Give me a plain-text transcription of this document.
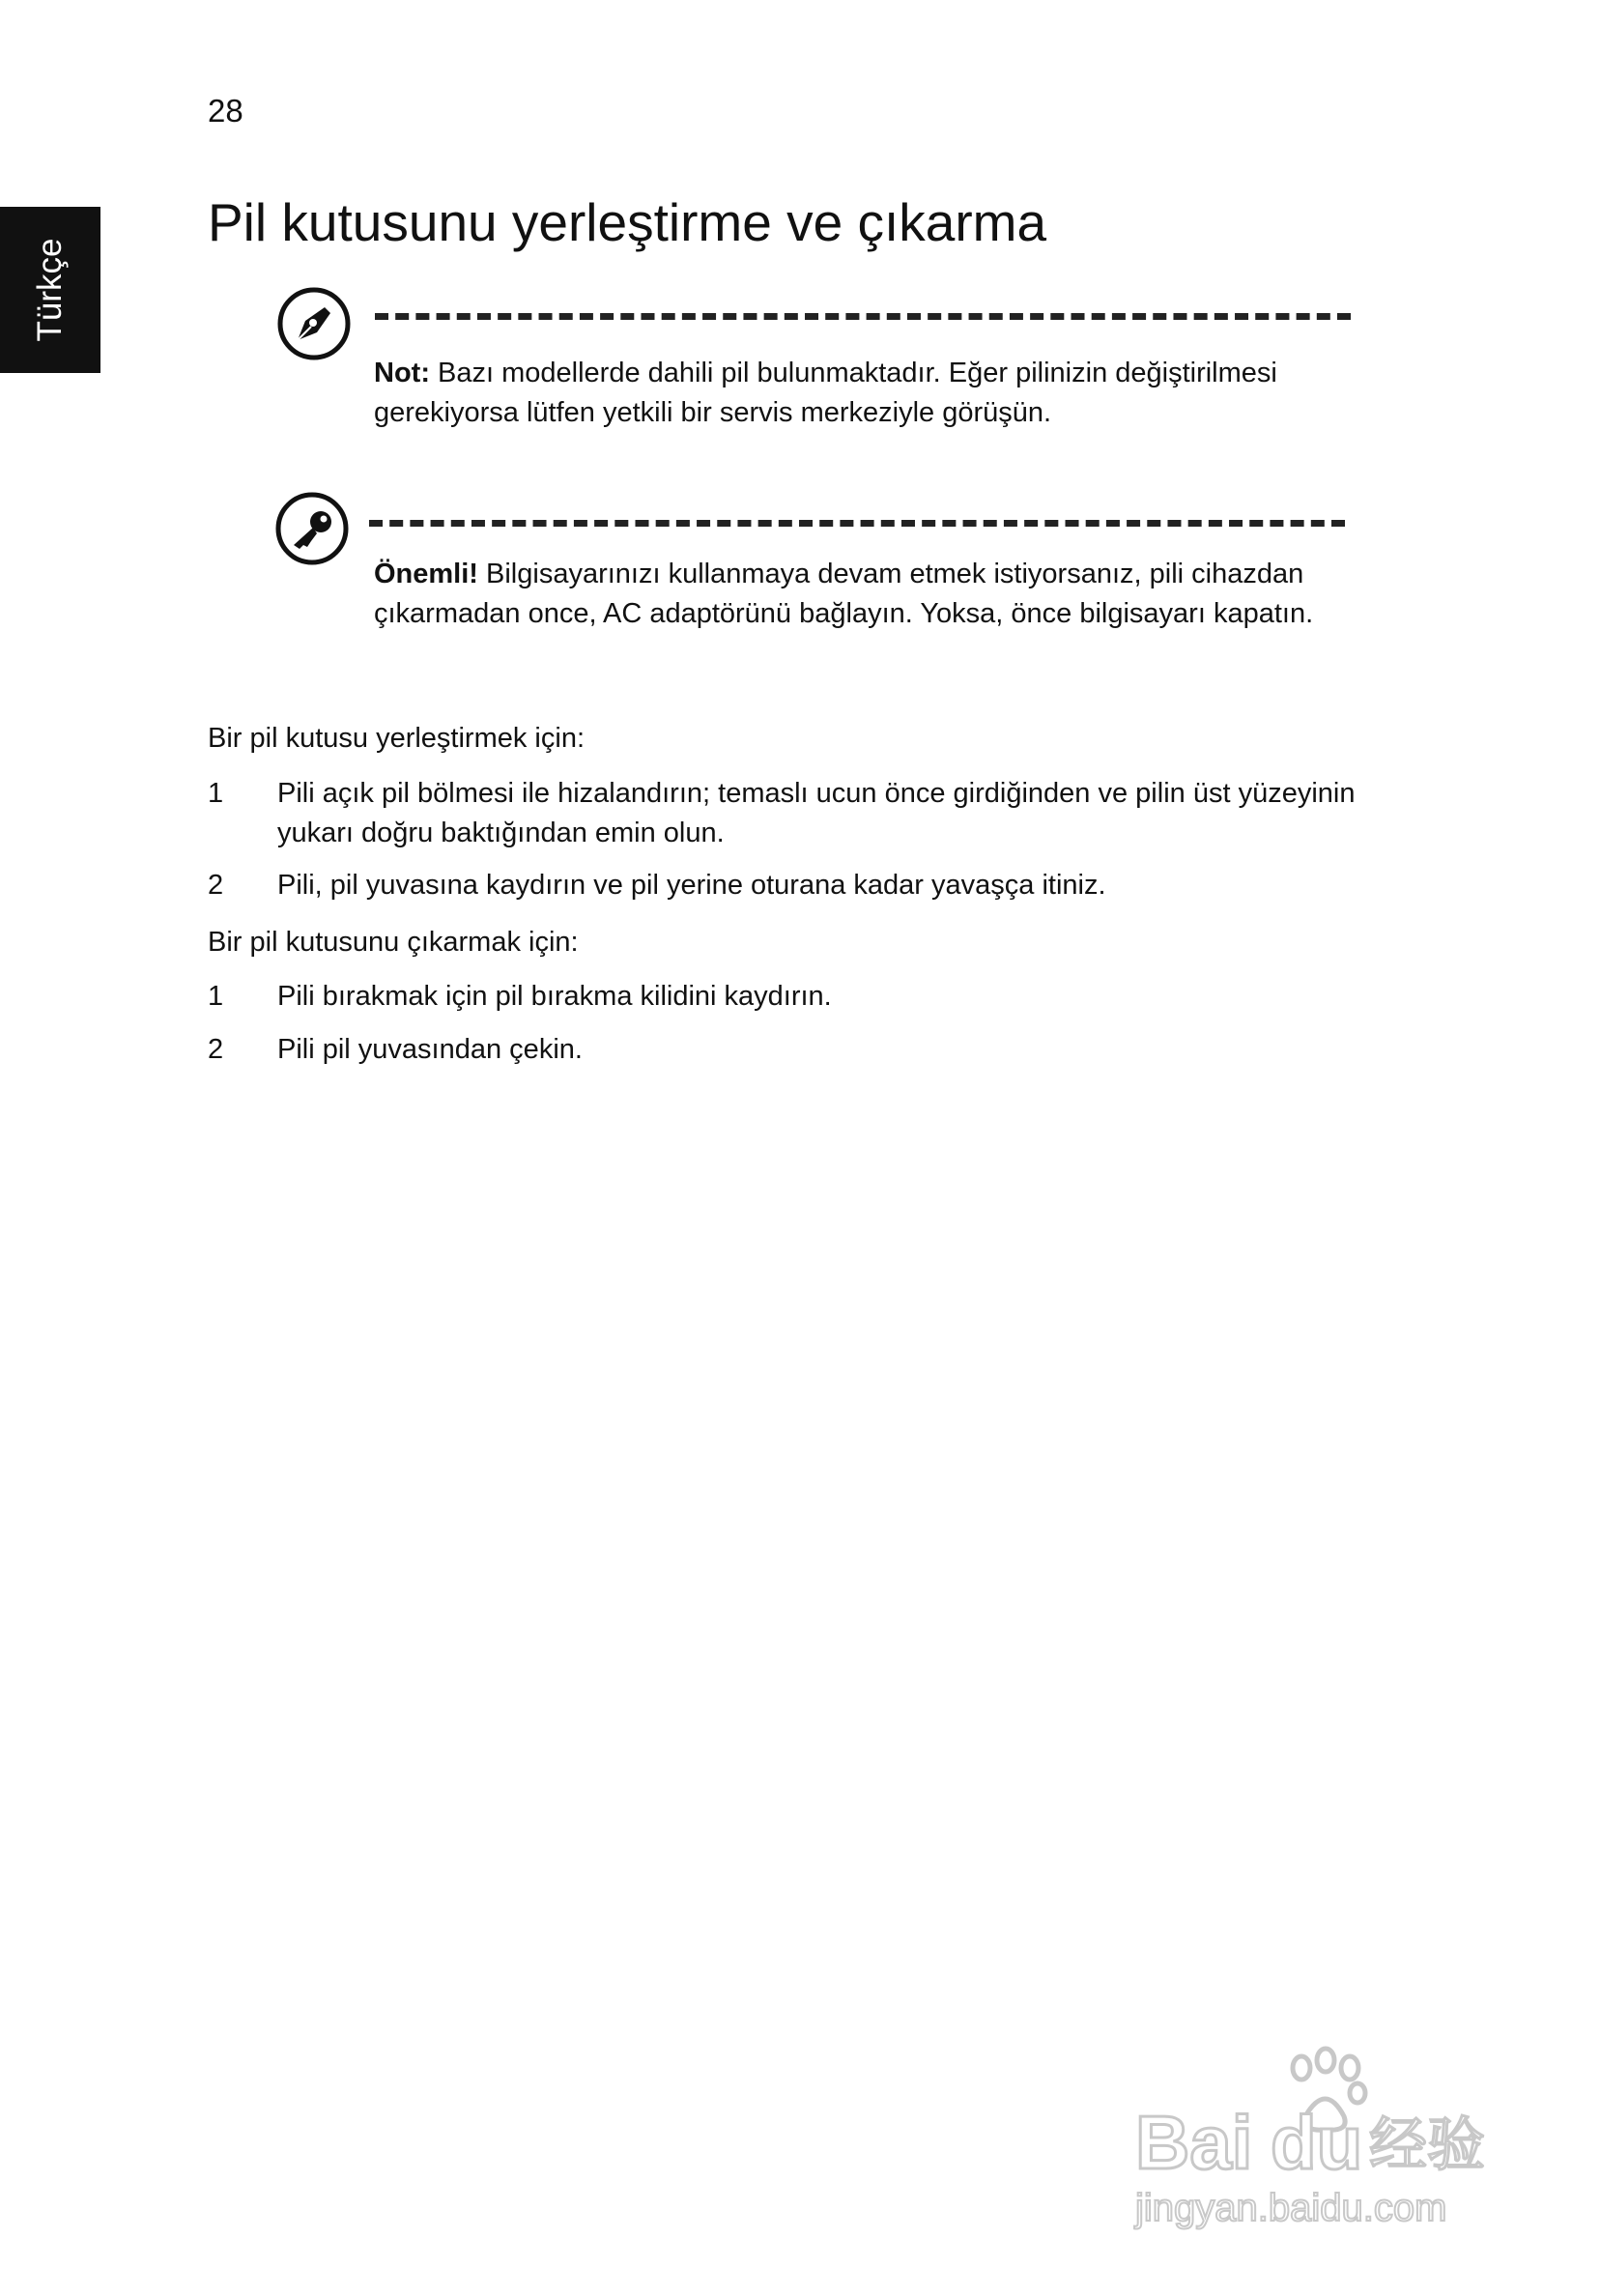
28
Türkçe
Pil kutusunu yerleştirme ve çıkarma
Not: Bazı modellerde dahili pil bulunmaktadır. Eğer pilinizin değiştirilmesi gerekiyorsa lütfen yetkili bir servis merkeziyle görüşün.
Önemli! Bilgisayarınızı kullanmaya devam etmek istiyorsanız, pili cihazdan çıkarmadan once, AC adaptörünü bağlayın. Yoksa, önce bilgisayarı kapatın.
Bir pil kutusu yerleştirmek için:
1 Pili açık pil bölmesi ile hizalandırın; temaslı ucun önce girdiğinden ve pilin üst yüzeyinin yukarı doğru baktığından emin olun.
2 Pili, pil yuvasına kaydırın ve pil yerine oturana kadar yavaşça itiniz.
Bir pil kutusunu çıkarmak için:
1 Pili bırakmak için pil bırakma kilidini kaydırın.
2 Pili pil yuvasından çekin.
Bai du 经验
jingyan.baidu.com
